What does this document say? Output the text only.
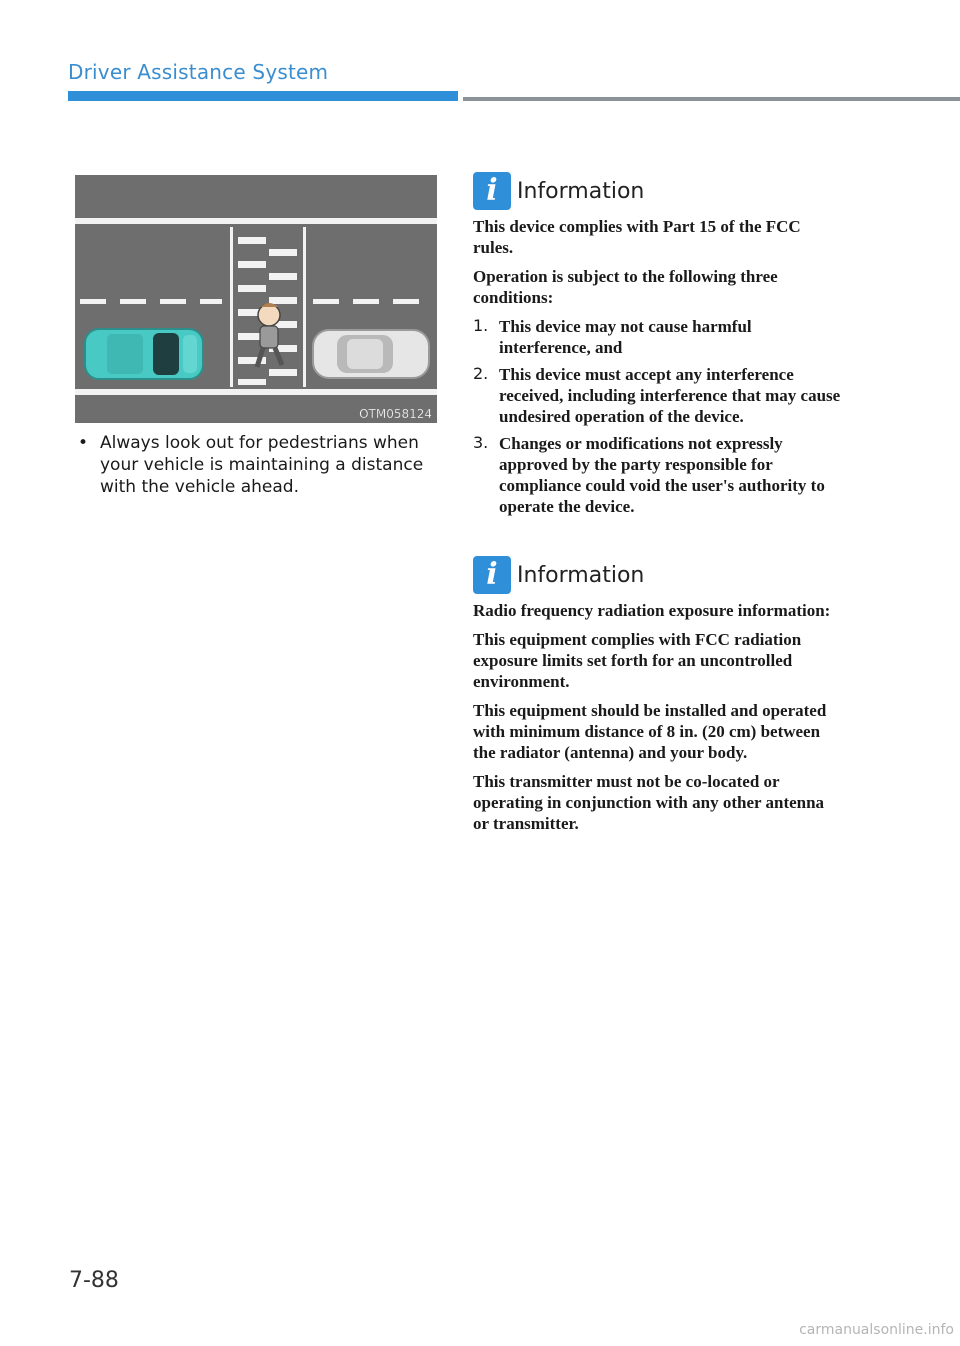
Driver Assistance System
OTM058124
• Always look out for pedestrians when your vehicle is maintaining a distance with the vehicle ahead.
i Information

This device complies with Part 15 of the FCC rules.

Operation is subject to the following three conditions:

1. This device may not cause harmful interference, and
2. This device must accept any interference received, including interference that may cause undesired operation of the device.
3. Changes or modifications not expressly approved by the party responsible for compliance could void the user's authority to operate the device.
i Information

Radio frequency radiation exposure information:

This equipment complies with FCC radiation exposure limits set forth for an uncontrolled environment.

This equipment should be installed and operated with minimum distance of 8 in. (20 cm) between the radiator (antenna) and your body.

This transmitter must not be co-located or operating in conjunction with any other antenna or transmitter.

7-88
carmanualsonline.info
